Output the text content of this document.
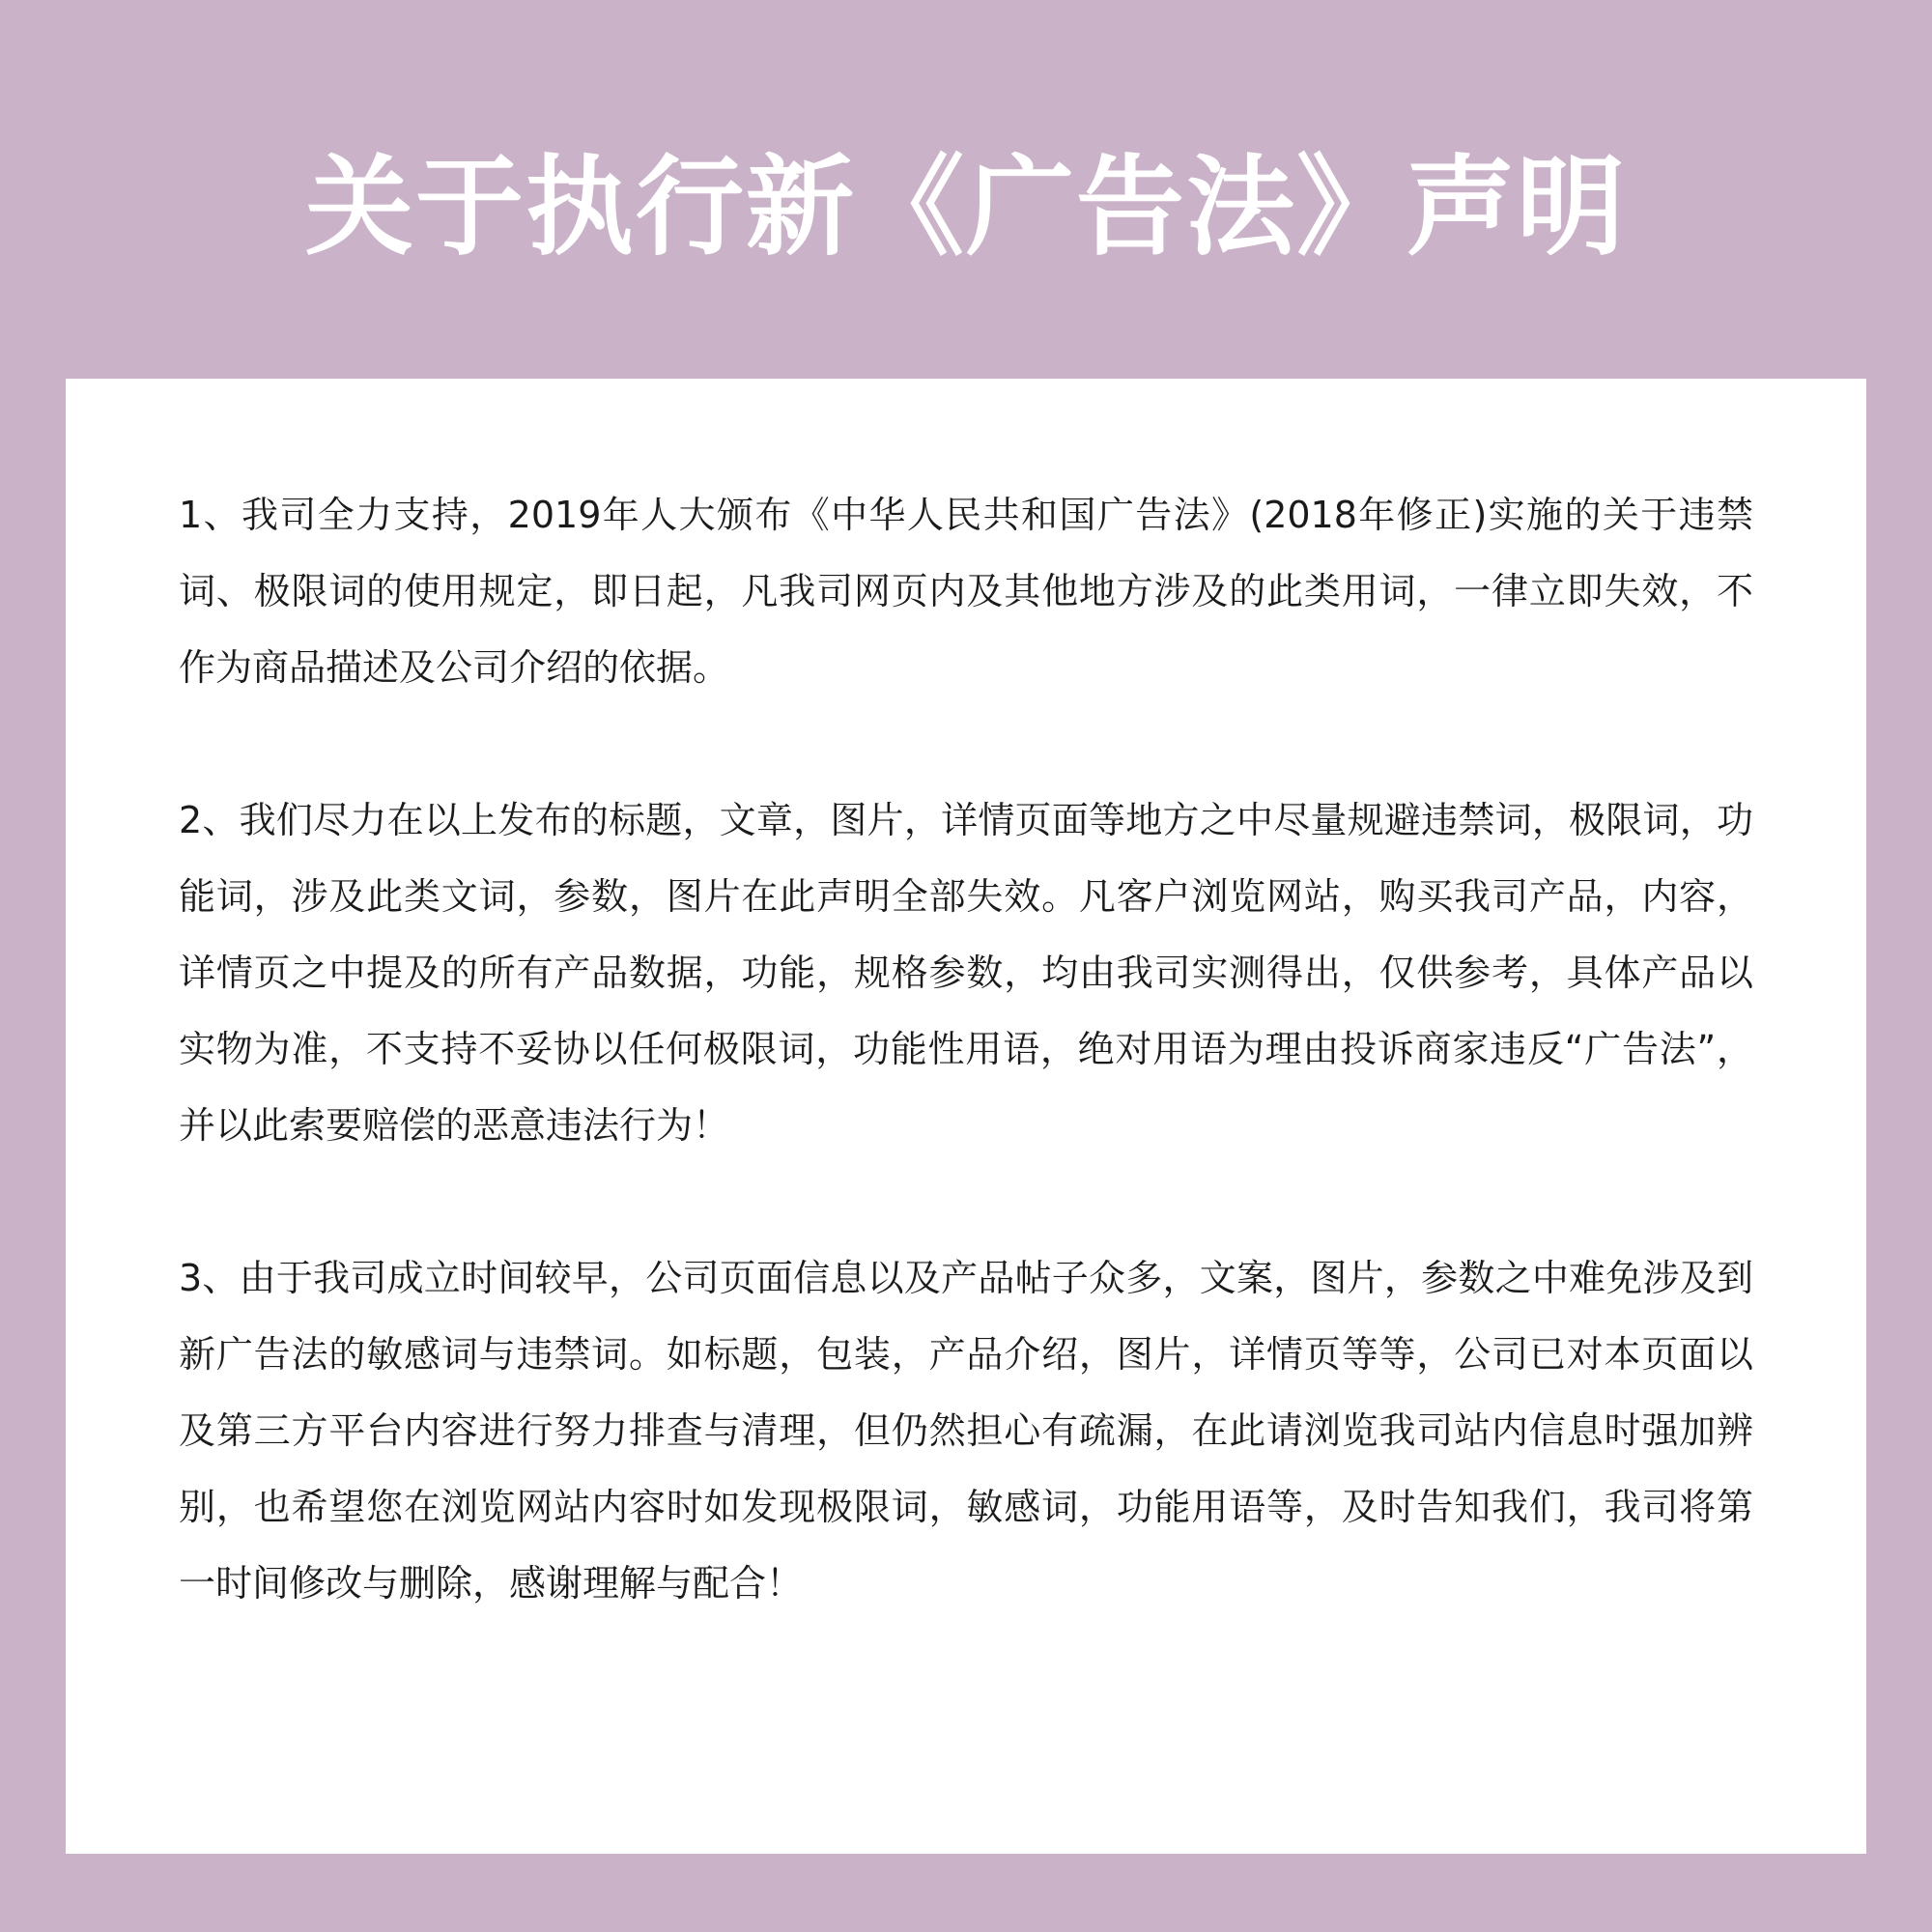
关于执行新《广告法》声明

1、我司全力支持，2019年人大颁布《中华人民共和国广告法》(2018年修正)实施的关于违禁词、极限词的使用规定，即日起，凡我司网页内及其他地方涉及的此类用词，一律立即失效，不作为商品描述及公司介绍的依据。

2、我们尽力在以上发布的标题，文章，图片，详情页面等地方之中尽量规避违禁词，极限词，功能词，涉及此类文词，参数，图片在此声明全部失效。凡客户浏览网站，购买我司产品，内容，详情页之中提及的所有产品数据，功能，规格参数，均由我司实测得出，仅供参考，具体产品以实物为准，不支持不妥协以任何极限词，功能性用语，绝对用语为理由投诉商家违反“广告法”，并以此索要赔偿的恶意违法行为！

3、由于我司成立时间较早，公司页面信息以及产品帖子众多，文案，图片，参数之中难免涉及到新广告法的敏感词与违禁词。如标题，包装，产品介绍，图片，详情页等等，公司已对本页面以及第三方平台内容进行努力排查与清理，但仍然担心有疏漏，在此请浏览我司站内信息时强加辨别，也希望您在浏览网站内容时如发现极限词，敏感词，功能用语等，及时告知我们，我司将第一时间修改与删除，感谢理解与配合！
